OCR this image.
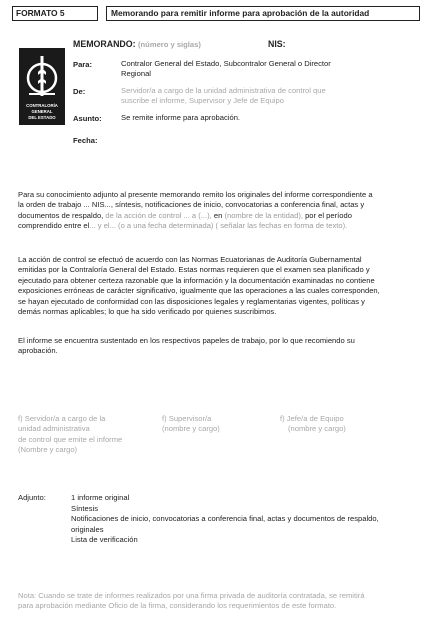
FORMATO 5	Memorando para remitir informe para aprobación de la autoridad
CONTRALORÍA
GENERAL
DEL ESTADO
MEMORANDO: (número y siglas)	NIS:
Para:	Contralor General del Estado, Subcontralor General o Director
Regional
De:	Servidor/a a cargo de la unidad administrativa de control que
suscribe el informe, Supervisor y Jefe de Equipo
Asunto:	Se remite informe para aprobación.
Fecha:
Para su conocimiento adjunto al presente memorando remito los originales del informe correspondiente a
la orden de trabajo ... NIS..., síntesis, notificaciones de inicio, convocatorias a conferencia final, actas y
documentos de respaldo, de la acción de control ... a (...), en (nombre de la entidad), por el período
comprendido entre el... y el... (o a una fecha determinada) ( señalar las fechas en forma de texto).
La acción de control se efectuó de acuerdo con las Normas Ecuatorianas de Auditoría Gubernamental
emitidas por la Contraloría General del Estado. Estas normas requieren que el examen sea planificado y
ejecutado para obtener certeza razonable que la información y la documentación examinadas no contiene
exposiciones erróneas de carácter significativo, igualmente que las operaciones a las cuales corresponden,
se hayan ejecutado de conformidad con las disposiciones legales y reglamentarias vigentes, políticas y
demás normas aplicables; lo que ha sido verificado por quienes suscribimos.
El informe se encuentra sustentado en los respectivos papeles de trabajo, por lo que recomiendo su
aprobación.
f) Servidor/a a cargo de la
unidad administrativa
de control que emite el informe
(Nombre y cargo)
f) Supervisor/a
(nombre y cargo)
f) Jefe/a de Equipo
(nombre y cargo)
Adjunto:	1 informe original
Síntesis
Notificaciones de inicio, convocatorias a conferencia final, actas y documentos de respaldo,
originales
Lista de verificación
Nota: Cuando se trate de informes realizados por una firma privada de auditoría contratada, se remitirá
para aprobación mediante Oficio de la firma, considerando los requerimientos de este formato.
